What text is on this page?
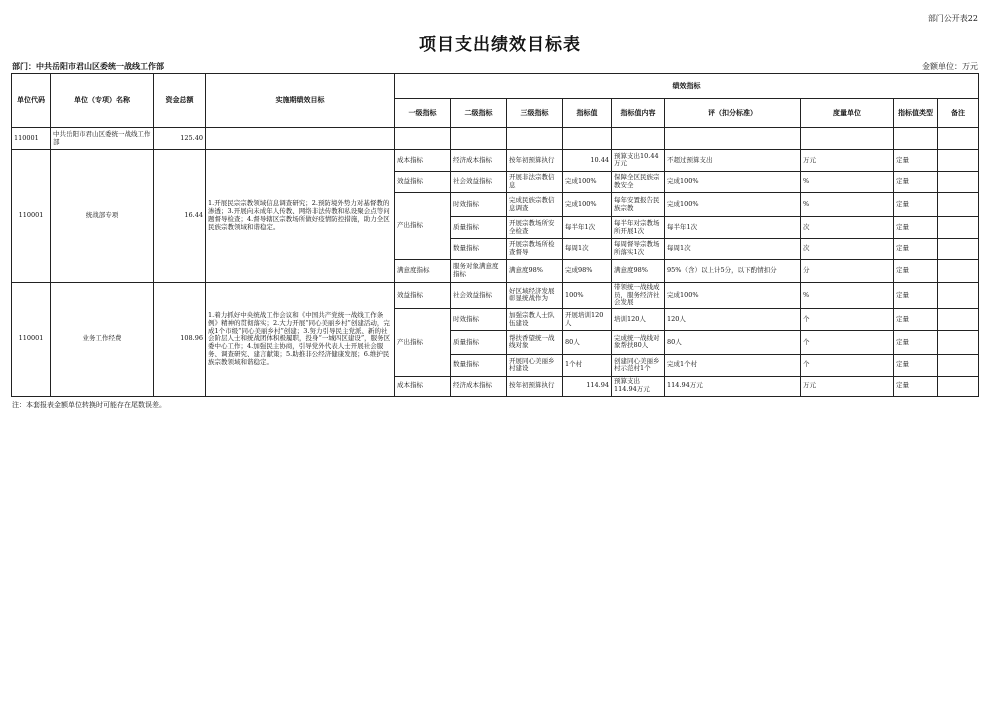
部门公开表22
项目支出绩效目标表
部门：中共岳阳市君山区委统一战线工作部	金额单位：万元
单位代码	单位（专项）名称	资金总额	实施期绩效目标	绩效指标								
				一级指标	二级指标	三级指标	指标值	指标值内容	评（扣分标准）	度量单位	指标值类型	备注
110001	中共岳阳市君山区委统一战线工作部	125.40										
110001	统战部专项	16.44	1.开展民宗宗教领域信息调查研究；2.预防境外势力对基督教的渗透；3.开展向未成年人传教、网络非法传教和私设聚会点等问题督导检查；4.督导辖区宗教场所做好疫情防控措施，助力全区民族宗教领域和谐稳定。	成本指标	经济成本指标	按年初预算执行	10.44	预算支出10.44万元	不超过预算支出	万元	定量	
				效益指标	社会效益指标	开展非法宗教信息	完成100%	保障全区民族宗教安全	完成100%	%	定量	
				产出指标	时效指标	完成民族宗教信息调查	完成100%	每年安置报告民族宗教	完成100%	%	定量	
					质量指标	开展宗教场所安全检查	每半年1次	每半年对宗教场所开展1次	每半年1次	次	定量	
					数量指标	开展宗教场所检查督导	每周1次	每周督导宗教场所落实1次	每周1次	次	定量	
				满意度指标	服务对象满意度指标	满意度98%	完成98%	满意度98%	95%（含）以上计5分，以下酌情扣分	分	定量	
110001	业务工作经费	108.96	1.着力抓好中央统战工作会议和《中国共产党统一战线工作条例》精神的贯彻落实；2.大力开展“同心美丽乡村”创建活动，完成1个市级“同心美丽乡村”创建；3.努力引导民主党派、新的社会阶层人士和统战团体积极履职，投身“一城四区建设”，服务区委中心工作；4.加强民主协商，引导党外代表人士开展社会服务、调查研究、建言献策；5.助推非公经济健康发展；6.维护民族宗教领域和谐稳定。	效益指标	社会效益指标	好区域经济发展彰显统战作为	100%	带领统一战线成员，服务经济社会发展	完成100%	%	定量	
				产出指标	时效指标	加强宗教人士队伍建设	开展培训120人	培训120人	120人	个	定量	
					质量指标	帮扶香望统一战线对象	80人	完成统一战线对象帮扶80人	80人	个	定量	
					数量指标	开展同心美丽乡村建设	1个村	创建同心美丽乡村示范村1个	完成1个村	个	定量	
				成本指标	经济成本指标	按年初预算执行	114.94	预算支出114.94万元	114.94万元	万元	定量	
注：本套报表金额单位转换时可能存在尾数误差。
